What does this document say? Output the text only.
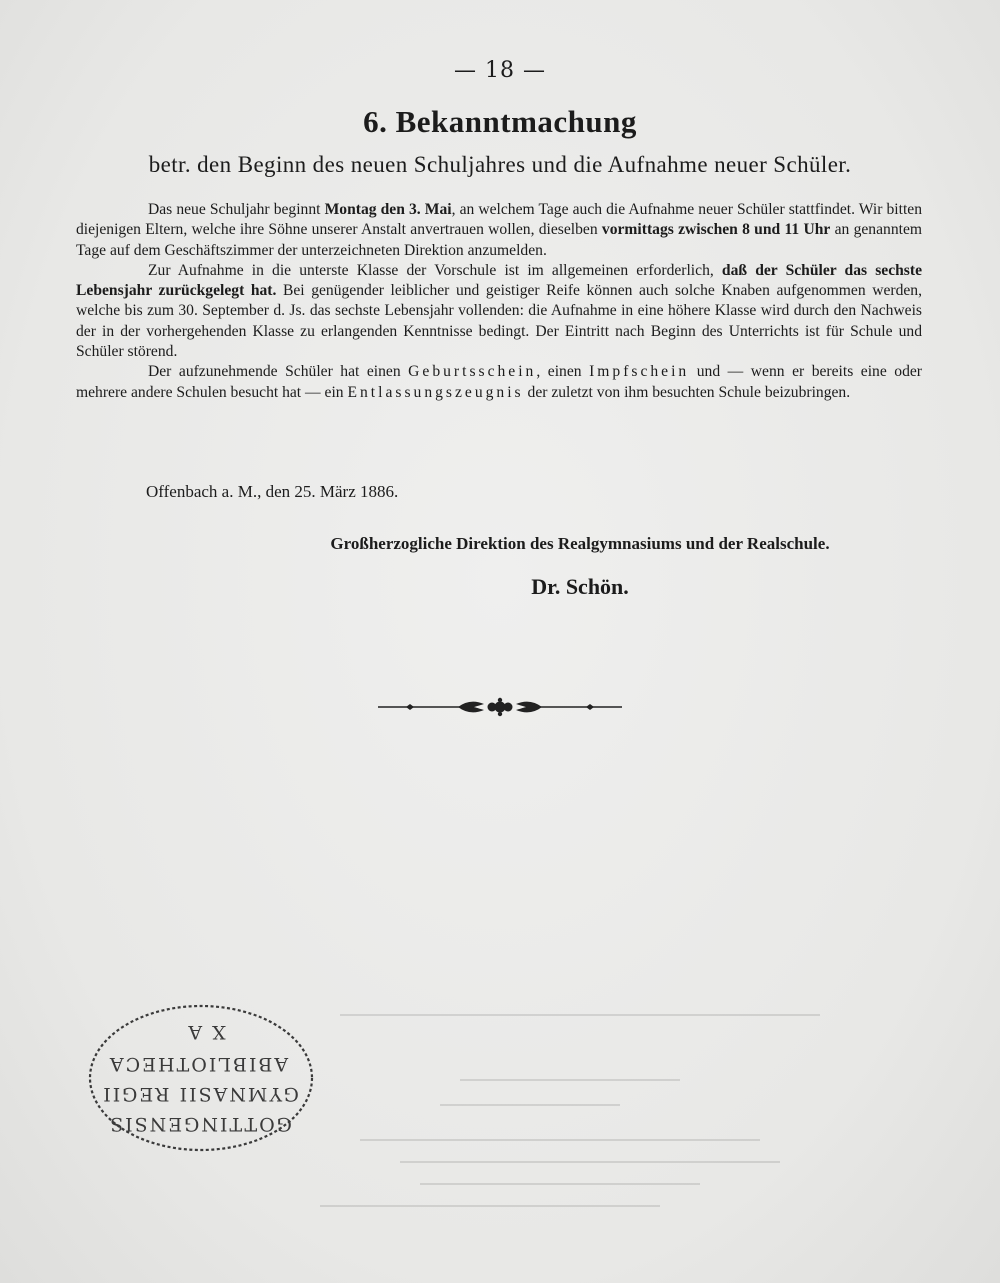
— 18 —
6. Bekanntmachung
betr. den Beginn des neuen Schuljahres und die Aufnahme neuer Schüler.

Das neue Schuljahr beginnt Montag den 3. Mai, an welchem Tage auch die Aufnahme neuer Schüler stattfindet. Wir bitten diejenigen Eltern, welche ihre Söhne unserer Anstalt anvertrauen wollen, dieselben vormittags zwischen 8 und 11 Uhr an genanntem Tage auf dem Geschäftszimmer der unterzeichneten Direktion anzumelden.

Zur Aufnahme in die unterste Klasse der Vorschule ist im allgemeinen erforderlich, daß der Schüler das sechste Lebensjahr zurückgelegt hat. Bei genügender leiblicher und geistiger Reife können auch solche Knaben aufgenommen werden, welche bis zum 30. September d. Js. das sechste Lebensjahr vollenden: die Aufnahme in eine höhere Klasse wird durch den Nachweis der in der vorhergehenden Klasse zu erlangenden Kenntnisse bedingt. Der Eintritt nach Beginn des Unterrichts ist für Schule und Schüler störend.

Der aufzunehmende Schüler hat einen Geburtsschein, einen Impfschein und — wenn er bereits eine oder mehrere andere Schulen besucht hat — ein Entlassungszeugnis der zuletzt von ihm besuchten Schule beizubringen.

Offenbach a. M., den 25. März 1886.
Großherzogliche Direktion des Realgymnasiums und der Realschule.
Dr. Schön.
X A
ABIBLIOTHECA
GYMNASII REGII
GOTTINGENSIS
